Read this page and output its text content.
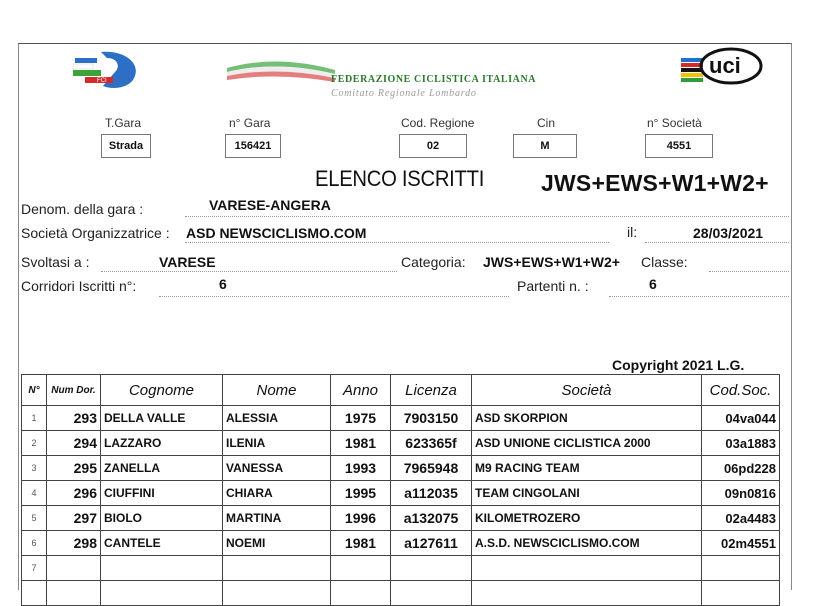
FCI	FEDERAZIONE CICLISTICA ITALIANA
Comitato Regionale Lombardo
uci
T.Gara
Strada
n° Gara
156421
Cod. Regione
02
Cin
M
n° Società
4551
ELENCO ISCRITTI JWS+EWS+W1+W2+
Denom. della gara :	VARESE-ANGERA
Società Organizzatrice : ASD NEWSCICLISMO.COM	il:	28/03/2021
Svoltasi a :	VARESE	Categoria: JWS+EWS+W1+W2+ Classe:
Corridori Iscritti n°:	6	Partenti n. :	6
Copyright 2021 L.G.
N°	Num Dor.	Cognome	Nome	Anno	Licenza	Società	Cod.Soc.
1	293	DELLA VALLE	ALESSIA	1975	7903150	ASD SKORPION	04va044
2	294	LAZZARO	ILENIA	1981	623365f	ASD UNIONE CICLISTICA 2000	03a1883
3	295	ZANELLA	VANESSA	1993	7965948	M9 RACING TEAM	06pd228
4	296	CIUFFINI	CHIARA	1995	a112035	TEAM CINGOLANI	09n0816
5	297	BIOLO	MARTINA	1996	a132075	KILOMETROZERO	02a4483
6	298	CANTELE	NOEMI	1981	a127611	A.S.D. NEWSCICLISMO.COM	02m4551
7							
